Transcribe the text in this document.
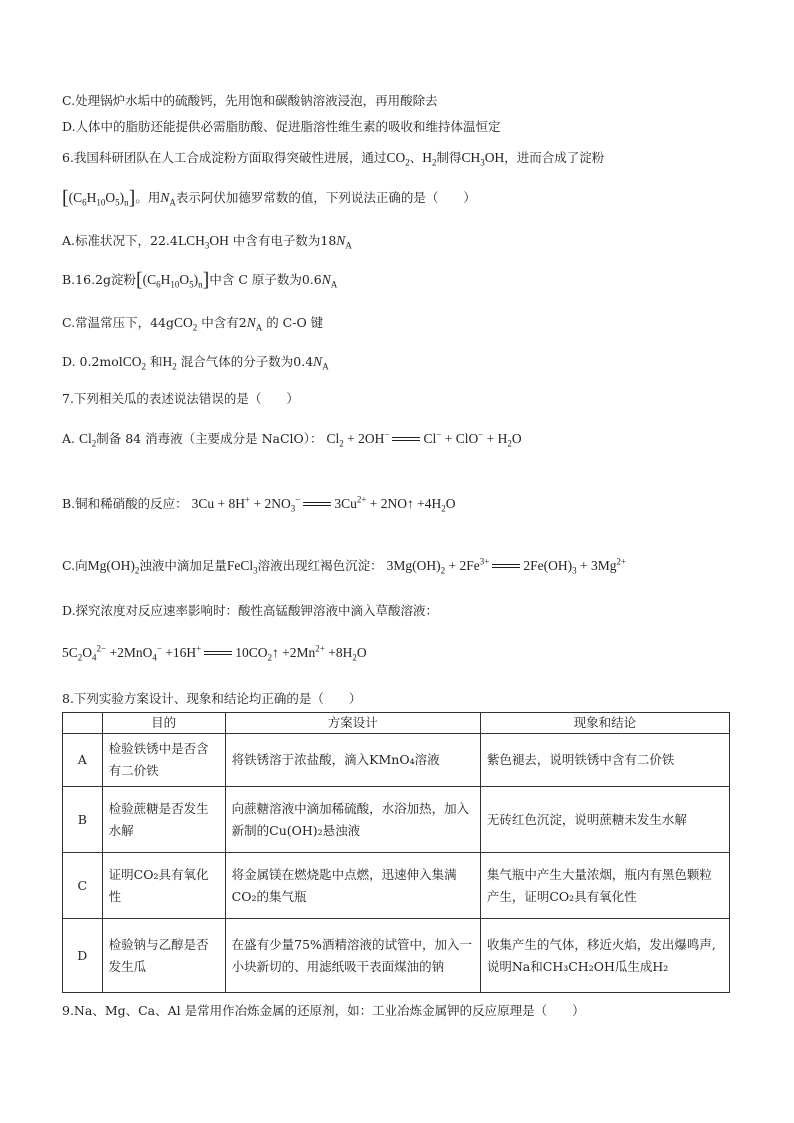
C.处理锅炉水垢中的硫酸钙，先用饱和碳酸钠溶液浸泡，再用酸除去
D.人体中的脂肪还能提供必需脂肪酸、促进脂溶性维生素的吸收和维持体温恒定
6.我国科研团队在人工合成淀粉方面取得突破性进展，通过$CO_2$、$H_2$制得$CH_3OH$，进而合成了淀粉
$[(C_6H_{10}O_5)_n]$。用$N_A$表示阿伏加德罗常数的值，下列说法正确的是（　　）
A.标准状况下，$22.4LCH_3OH$ 中含有电子数为$18N_A$
B.16.2g淀粉$[(C_6H_{10}O_5)_n]$中含 C 原子数为$0.6N_A$
C.常温常压下，44gCO$_2$ 中含有$2N_A$ 的 C-O 键
D. 0.2molCO$_2$ 和$H_2$ 混合气体的分子数为$0.4N_A$
7.下列相关瓜的表述说法错误的是（　　）
A. $Cl_2$制备 84 消毒液（主要成分是 NaClO）： $Cl_2 + 2OH^-$	$Cl^- + ClO^- + H_2O$
B.铜和稀硝酸的反应： $3Cu + 8H^+ + 2NO_3^-$	$3Cu^{2+}$ + 2NO↑ $+4H_2O$
C.向$Mg(OH)_2$浊液中滴加足量FeCl$_3$溶液出现红褐色沉淀： $3Mg(OH)_2 + 2Fe^{3+}$	$2Fe(OH)_3 + 3Mg^{2+}$
D.探究浓度对反应速率影响时：酸性高锰酸钾溶液中滴入草酸溶液：
$5C_2O_4^{2-} +2MnO_4^- +16H^+$	$10CO_2↑ +2Mn^{2+} +8H_2O$
8.下列实验方案设计、现象和结论均正确的是（　　）
	目的	方案设计	现象和结论
A	检验铁锈中是否含有二价铁	将铁锈溶于浓盐酸，滴入KMnO₄溶液	紫色褪去，说明铁锈中含有二价铁
B	检验蔗糖是否发生水解	向蔗糖溶液中滴加稀硫酸，水浴加热，加入新制的Cu(OH)₂悬浊液	无砖红色沉淀，说明蔗糖未发生水解
C	证明CO₂具有氧化性	将金属镁在燃烧匙中点燃，迅速伸入集满CO₂的集气瓶	集气瓶中产生大量浓烟，瓶内有黑色颗粒产生，证明CO₂具有氧化性
D	检验钠与乙醇是否发生瓜	在盛有少量75%酒精溶液的试管中，加入一小块新切的、用滤纸吸干表面煤油的钠	收集产生的气体，移近火焰，发出爆鸣声,说明Na和CH₃CH₂OH瓜生成H₂
9.Na、Mg、Ca、Al 是常用作冶炼金属的还原剂，如：工业冶炼金属钾的反应原理是（　　）
